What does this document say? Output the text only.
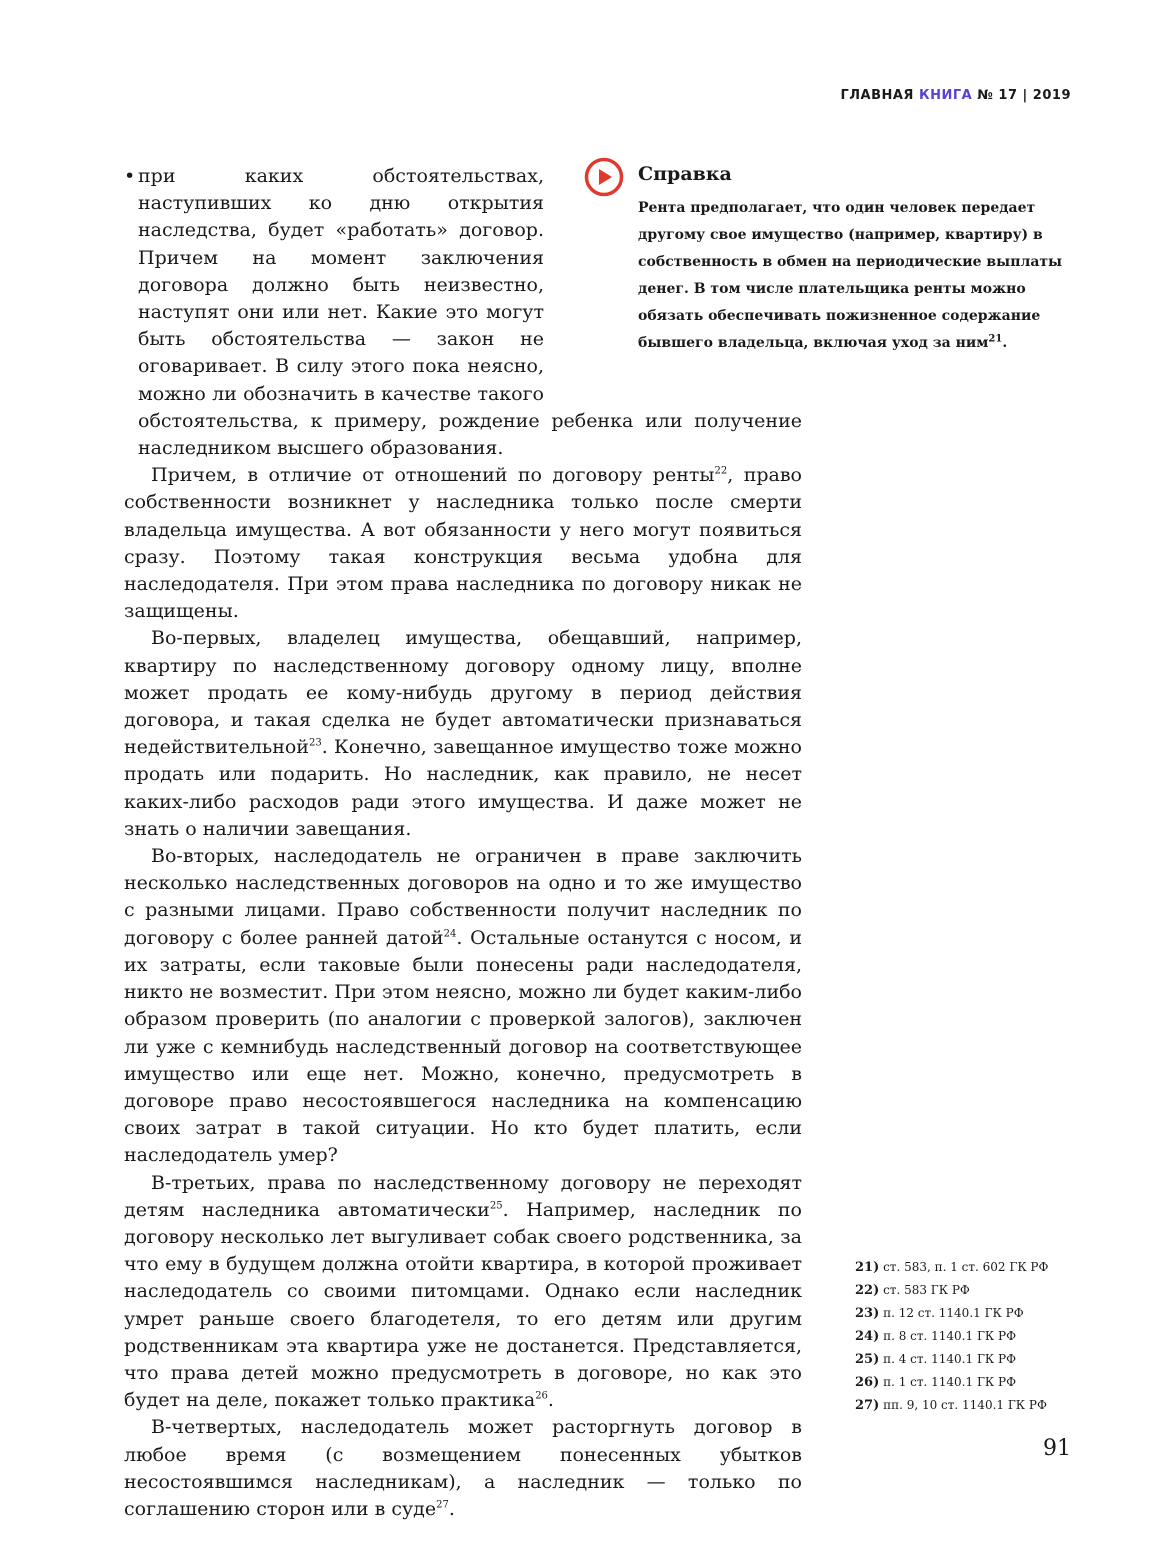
ГЛАВНАЯ КНИГА № 17 | 2019
• при каких обстоятельствах, наступивших ко дню открытия наследства, будет «работать» договор. Причем на момент заключения договора должно быть неизвестно, наступят они или нет. Какие это могут быть обстоятельства — закон не оговаривает. В силу этого пока неясно, можно ли обозначить в качестве такого обстоятельства, к примеру, рождение ребенка или получение наследником высшего образования.

Причем, в отличие от отношений по договору ренты$^{22}$, право собственности возникнет у наследника только после смерти владельца имущества. А вот обязанности у него могут появиться сразу. Поэтому такая конструкция весьма удобна для наследодателя. При этом права наследника по договору никак не защищены.

Во-первых, владелец имущества, обещавший, например, квартиру по наследственному договору одному лицу, вполне может продать ее кому-нибудь другому в период действия договора, и такая сделка не будет автоматически признаваться недействительной$^{23}$. Конечно, завещанное имущество тоже можно продать или подарить. Но наследник, как правило, не несет каких-либо расходов ради этого имущества. И даже может не знать о наличии завещания.

Во-вторых, наследодатель не ограничен в праве заключить несколько наследственных договоров на одно и то же имущество с разными лицами. Право собственности получит наследник по договору с более ранней датой$^{24}$. Остальные останутся с носом, и их затраты, если таковые были понесены ради наследодателя, никто не возместит. При этом неясно, можно ли будет каким-либо образом проверить (по аналогии с проверкой залогов), заключен ли уже с кемнибудь наследственный договор на соответствующее имущество или еще нет. Можно, конечно, предусмотреть в договоре право несостоявшегося наследника на компенсацию своих затрат в такой ситуации. Но кто будет платить, если наследодатель умер?

В-третьих, права по наследственному договору не переходят детям наследника автоматически$^{25}$. Например, наследник по договору несколько лет выгуливает собак своего родственника, за что ему в будущем должна отойти квартира, в которой проживает наследодатель со своими питомцами. Однако если наследник умрет раньше своего благодетеля, то его детям или другим родственникам эта квартира уже не достанется. Представляется, что права детей можно предусмотреть в договоре, но как это будет на деле, покажет только практика$^{26}$.

В-четвертых, наследодатель может расторгнуть договор в любое время (с возмещением понесенных убытков несостоявшимся наследникам), а наследник — только по соглашению сторон или в суде$^{27}$.

Справка
Рента предполагает, что один человек передает другому свое имущество (например, квартиру) в собственность в обмен на периодические выплаты денег. В том числе плательщика ренты можно обязать обеспечивать пожизненное содержание бывшего владельца, включая уход за ним$^{21}$.
21) ст. 583, п. 1 ст. 602 ГК РФ
22) ст. 583 ГК РФ
23) п. 12 ст. 1140.1 ГК РФ
24) п. 8 ст. 1140.1 ГК РФ
25) п. 4 ст. 1140.1 ГК РФ
26) п. 1 ст. 1140.1 ГК РФ
27) пп. 9, 10 ст. 1140.1 ГК РФ
91
